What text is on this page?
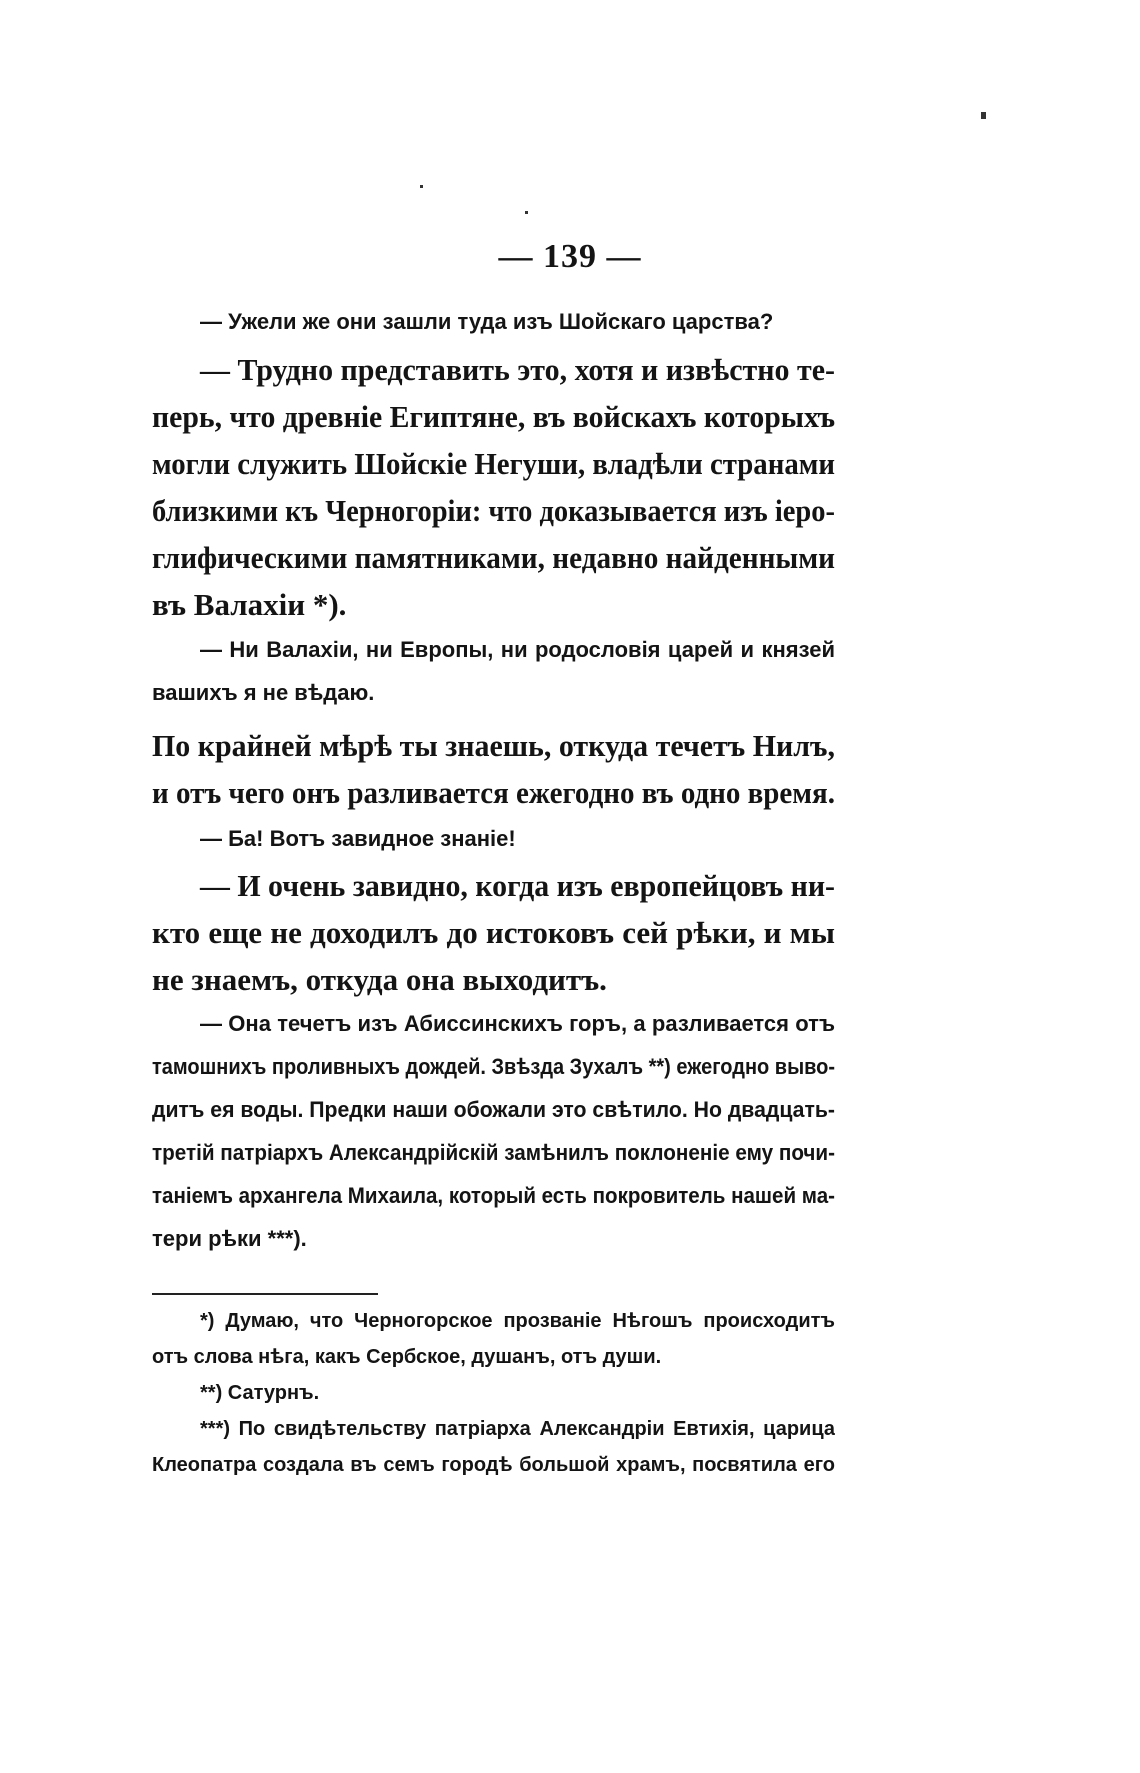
— 139 —
— Ужели же они зашли туда изъ Шойскаго царства?
— Трудно представить это, хотя и извѣстно те-
перь, что древніе Египтяне, въ войскахъ которыхъ
могли служить Шойскіе Негуши, владѣли странами
близкими къ Черногоріи: что доказывается изъ іеро-
глифическими памятниками, недавно найденными
въ Валахіи *).
— Ни Валахіи, ни Европы, ни родословія царей и князей
вашихъ я не вѣдаю.
По крайней мѣрѣ ты знаешь, откуда течетъ Нилъ,
и отъ чего онъ разливается ежегодно въ одно время.
— Ба! Вотъ завидное знаніе!
— И очень завидно, когда изъ европейцовъ ни-
кто еще не доходилъ до истоковъ сей рѣки, и мы
не знаемъ, откуда она выходитъ.
— Она течетъ изъ Абиссинскихъ горъ, а разливается отъ
тамошнихъ проливныхъ дождей. Звѣзда Зухалъ **) ежегодно выво-
дитъ ея воды. Предки наши обожали это свѣтило. Но двадцать-
третій патріархъ Александрійскій замѣнилъ поклоненіе ему почи-
таніемъ архангела Михаила, который есть покровитель нашей ма-
тери рѣки ***).
*) Думаю, что Черногорское прозваніе Нѣгошъ происходитъ
отъ слова нѣга, какъ Сербское, душанъ, отъ души.
**) Сатурнъ.
***) По свидѣтельству патріарха Александріи Евтихія, царица
Клеопатра создала въ семъ городѣ большой храмъ, посвятила его
